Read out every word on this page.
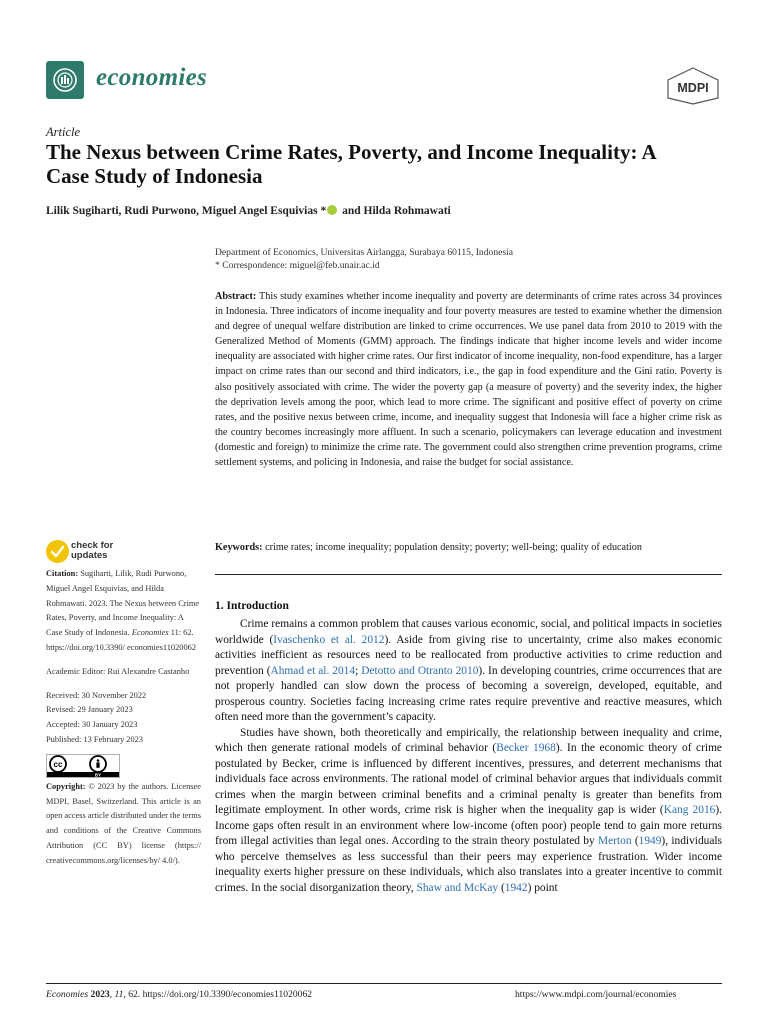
economies	MDPI
Article
The Nexus between Crime Rates, Poverty, and Income Inequality: A Case Study of Indonesia
Lilik Sugiharti, Rudi Purwono, Miguel Angel Esquivias * and Hilda Rohmawati
Department of Economics, Universitas Airlangga, Surabaya 60115, Indonesia
* Correspondence: miguel@feb.unair.ac.id
Abstract: This study examines whether income inequality and poverty are determinants of crime rates across 34 provinces in Indonesia. Three indicators of income inequality and four poverty measures are tested to examine whether the dimension and degree of unequal welfare distribution are linked to crime occurrences. We use panel data from 2010 to 2019 with the Generalized Method of Moments (GMM) approach. The findings indicate that higher income levels and wider income inequality are associated with higher crime rates. Our first indicator of income inequality, non-food expenditure, has a larger impact on crime rates than our second and third indicators, i.e., the gap in food expenditure and the Gini ratio. Poverty is also positively associated with crime. The wider the poverty gap (a measure of poverty) and the severity index, the higher the deprivation levels among the poor, which lead to more crime. The significant and positive effect of poverty on crime rates, and the positive nexus between crime, income, and inequality suggest that Indonesia will face a higher crime risk as the country becomes increasingly more affluent. In such a scenario, policymakers can leverage education and investment (domestic and foreign) to minimize the crime rate. The government could also strengthen crime prevention programs, crime settlement systems, and policing in Indonesia, and raise the budget for social assistance.
Keywords: crime rates; income inequality; population density; poverty; well-being; quality of education
check for
updates
Citation: Sugiharti, Lilik, Rudi Purwono, Miguel Angel Esquivias, and Hilda Rohmawati. 2023. The Nexus between Crime Rates, Poverty, and Income Inequality: A Case Study of Indonesia. Economies 11: 62. https://doi.org/10.3390/ economies11020062
Academic Editor: Rui Alexandre Castanho
Received: 30 November 2022
Revised: 29 January 2023
Accepted: 30 January 2023
Published: 13 February 2023
cc
BY
Copyright: © 2023 by the authors. Licensee MDPI, Basel, Switzerland. This article is an open access article distributed under the terms and conditions of the Creative Commons Attribution (CC BY) license (https:// creativecommons.org/licenses/by/ 4.0/).
1. Introduction

Crime remains a common problem that causes various economic, social, and political impacts in societies worldwide (Ivaschenko et al. 2012). Aside from giving rise to uncertainty, crime also makes economic activities inefficient as resources need to be reallocated from productive activities to crime reduction and prevention (Ahmad et al. 2014; Detotto and Otranto 2010). In developing countries, crime occurrences that are not properly handled can slow down the process of becoming a sovereign, developed, equitable, and prosperous country. Societies facing increasing crime rates require preventive and reactive measures, which often need more than the government’s capacity.

Studies have shown, both theoretically and empirically, the relationship between inequality and crime, which then generate rational models of criminal behavior (Becker 1968). In the economic theory of crime postulated by Becker, crime is influenced by different incentives, pressures, and deterrent mechanisms that individuals face across environments. The rational model of criminal behavior argues that individuals commit crimes when the margin between criminal benefits and a criminal penalty is greater than benefits from legitimate employment. In other words, crime risk is higher when the inequality gap is wider (Kang 2016). Income gaps often result in an environment where low-income (often poor) people tend to gain more returns from illegal activities than legal ones. According to the strain theory postulated by Merton (1949), individuals who perceive themselves as less successful than their peers may experience frustration. Wider income inequality exerts higher pressure on these individuals, which also translates into a greater incentive to commit crimes. In the social disorganization theory, Shaw and McKay (1942) point

Economies 2023, 11, 62. https://doi.org/10.3390/economies11020062	https://www.mdpi.com/journal/economies
